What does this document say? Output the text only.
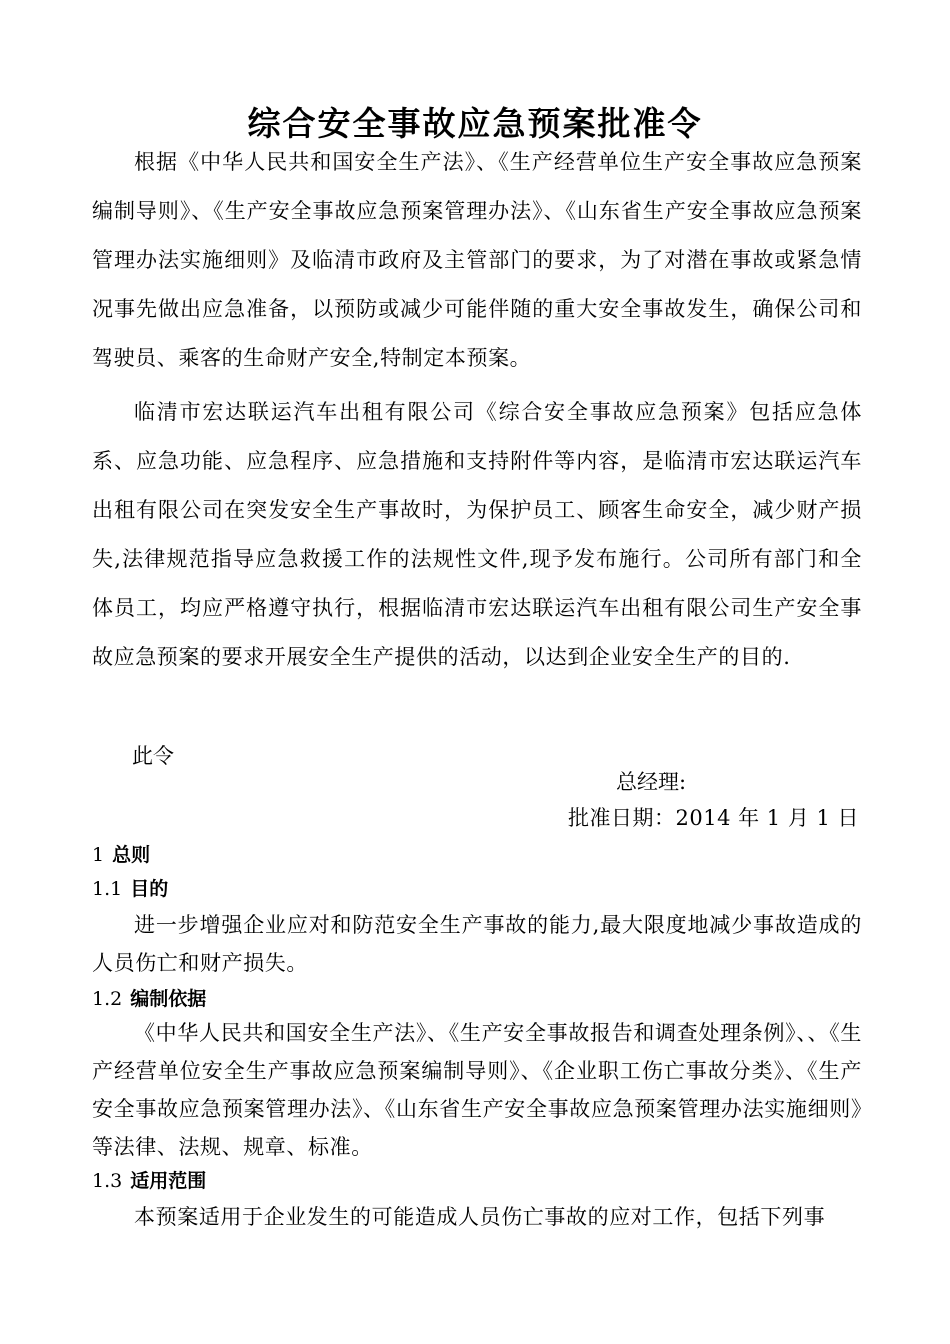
综合安全事故应急预案批准令
根据《中华人民共和国安全生产法》、《生产经营单位生产安全事故应急预案编制导则》、《生产安全事故应急预案管理办法》、《山东省生产安全事故应急预案管理办法实施细则》及临清市政府及主管部门的要求，为了对潜在事故或紧急情况事先做出应急准备，以预防或减少可能伴随的重大安全事故发生，确保公司和驾驶员、乘客的生命财产安全,特制定本预案。
临清市宏达联运汽车出租有限公司《综合安全事故应急预案》包括应急体系、应急功能、应急程序、应急措施和支持附件等内容，是临清市宏达联运汽车出租有限公司在突发安全生产事故时，为保护员工、顾客生命安全，减少财产损失,法律规范指导应急救援工作的法规性文件,现予发布施行。公司所有部门和全体员工，均应严格遵守执行，根据临清市宏达联运汽车出租有限公司生产安全事故应急预案的要求开展安全生产提供的活动，以达到企业安全生产的目的.
此令
总经理:
批准日期：2014 年 1 月 1 日
1 总则
1.1 目的
进一步增强企业应对和防范安全生产事故的能力,最大限度地减少事故造成的人员伤亡和财产损失。
1.2 编制依据
《中华人民共和国安全生产法》、《生产安全事故报告和调查处理条例》、、《生产经营单位安全生产事故应急预案编制导则》、《企业职工伤亡事故分类》、《生产安全事故应急预案管理办法》、《山东省生产安全事故应急预案管理办法实施细则》等法律、法规、规章、标准。
1.3 适用范围
本预案适用于企业发生的可能造成人员伤亡事故的应对工作，包括下列事
